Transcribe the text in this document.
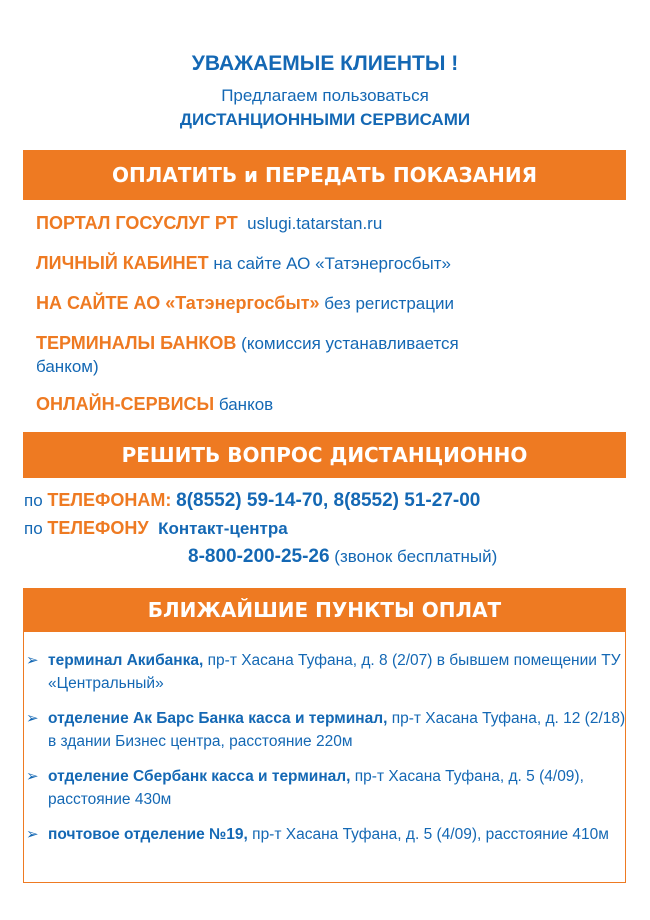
УВАЖАЕМЫЕ КЛИЕНТЫ !
Предлагаем пользоваться
ДИСТАНЦИОННЫМИ СЕРВИСАМИ
ОПЛАТИТЬ и ПЕРЕДАТЬ ПОКАЗАНИЯ
ПОРТАЛ ГОСУСЛУГ РТ uslugi.tatarstan.ru
ЛИЧНЫЙ КАБИНЕТ на сайте АО «Татэнергосбыт»
НА САЙТЕ АО «Татэнергосбыт» без регистрации
ТЕРМИНАЛЫ БАНКОВ (комиссия устанавливается
банком)
ОНЛАЙН-СЕРВИСЫ банков
РЕШИТЬ ВОПРОС ДИСТАНЦИОННО
по ТЕЛЕФОНАМ: 8(8552) 59-14-70, 8(8552) 51-27-00
по ТЕЛЕФОНУ Контакт-центра
8-800-200-25-26 (звонок бесплатный)
БЛИЖАЙШИЕ ПУНКТЫ ОПЛАТ
➢ терминал Акибанка, пр-т Хасана Туфана, д. 8 (2/07) в бывшем помещении ТУ «Центральный»
➢ отделение Ак Барс Банка касса и терминал, пр-т Хасана Туфана, д. 12 (2/18) в здании Бизнес центра, расстояние 220м
➢ отделение Сбербанк касса и терминал, пр-т Хасана Туфана, д. 5 (4/09), расстояние 430м
➢ почтовое отделение №19, пр-т Хасана Туфана, д. 5 (4/09), расстояние 410м
